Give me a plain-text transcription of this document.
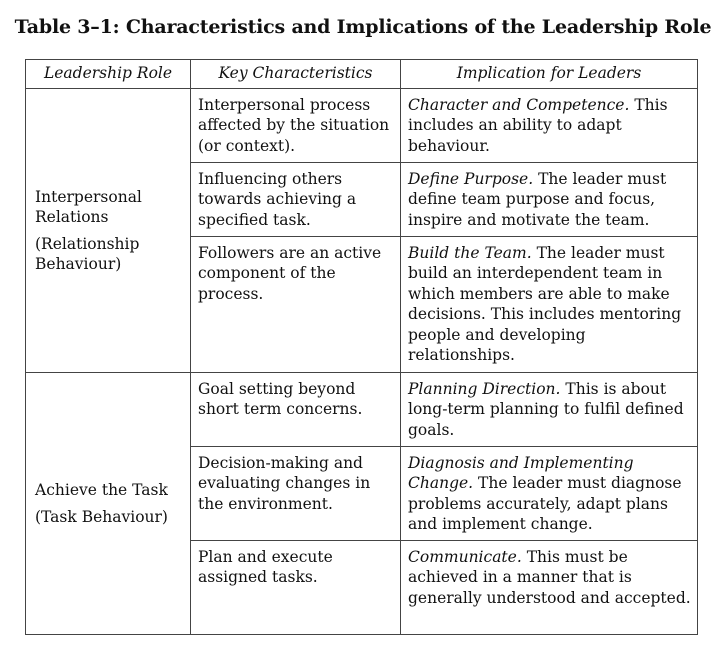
Table 3–1: Characteristics and Implications of the Leadership Role
Leadership Role	Key Characteristics	Implication for Leaders

Interpersonal Relations
(Relationship Behaviour)	Interpersonal process affected by the situation (or context).	Character and Competence. This includes an ability to adapt behaviour.
	Influencing others towards achieving a specified task.	Define Purpose. The leader must define team purpose and focus, inspire and motivate the team.
	Followers are an active component of the process.	Build the Team. The leader must build an interdependent team in which members are able to make decisions. This includes mentoring people and developing relationships.

Achieve the Task
(Task Behaviour)	Goal setting beyond short term concerns.	Planning Direction. This is about long-term planning to fulfil defined goals.
	Decision-making and evaluating changes in the environment.	Diagnosis and Implementing Change. The leader must diagnose problems accurately, adapt plans and implement change.
	Plan and execute assigned tasks.	Communicate. This must be achieved in a manner that is generally understood and accepted.
